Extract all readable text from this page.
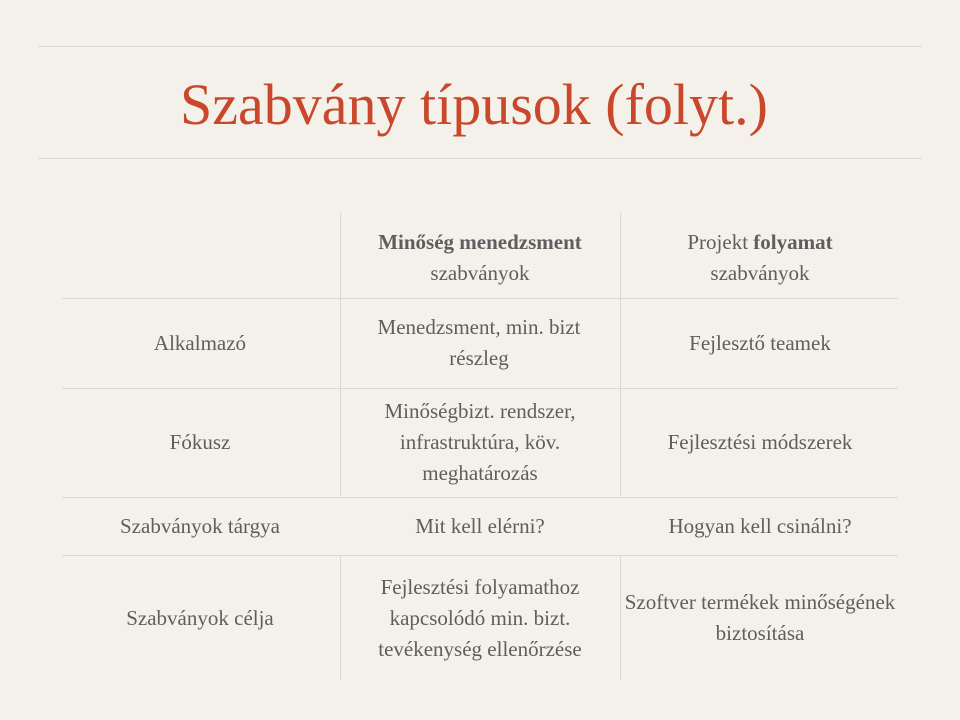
Szabvány típusok (folyt.)
Minőség menedzsment
szabványok
Projekt folyamat
szabványok
Alkalmazó
Menedzsment, min. bizt részleg
Fejlesztő teamek
Fókusz
Minőségbizt. rendszer, infrastruktúra, köv. meghatározás
Fejlesztési módszerek
Szabványok tárgya	Mit kell elérni?	Hogyan kell csinálni?
Szabványok célja
Fejlesztési folyamathoz kapcsolódó min. bizt. tevékenység ellenőrzése
Szoftver termékek minőségének biztosítása
